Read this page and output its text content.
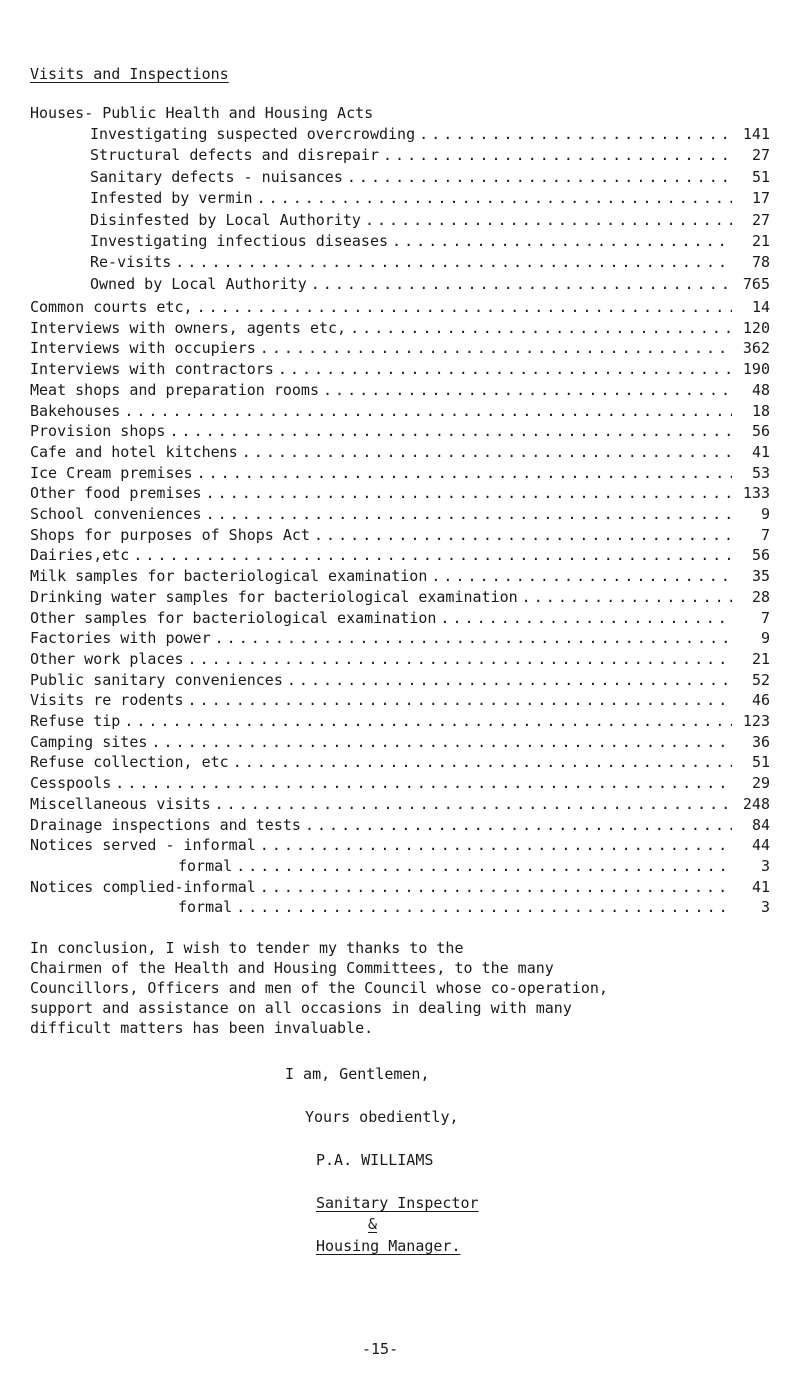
Visits and Inspections
Houses- Public Health and Housing Acts
Investigating suspected overcrowding . . .	141
Structural defects and disrepair . . .	27
Sanitary defects - nuisances . . .	51
Infested by vermin . . .	17
Disinfested by Local Authority . . .	27
Investigating infectious diseases . . .	21
Re-visits . . .	78
Owned by Local Authority . . .	765
Common courts etc, . . .	14
Interviews with owners, agents etc, . . .	120
Interviews with occupiers . . .	362
Interviews with contractors . . .	190
Meat shops and preparation rooms . . .	48
Bakehouses . . .	18
Provision shops . . .	56
Cafe and hotel kitchens . . .	41
Ice Cream premises . . .	53
Other food premises . . .	133
School conveniences . . .	9
Shops for purposes of Shops Act . . .	7
Dairies,etc . . .	56
Milk samples for bacteriological examination . . .	35
Drinking water samples for bacteriological examination . . .	28
Other samples for bacteriological examination . . .	7
Factories with power . . .	9
Other work places . . .	21
Public sanitary conveniences . . .	52
Visits re rodents . . .	46
Refuse tip . . .	123
Camping sites . . .	36
Refuse collection, etc . . .	51
Cesspools . . .	29
Miscellaneous visits . . .	248
Drainage inspections and tests . . .	84
Notices served - informal . . .	44
formal . . .	3
Notices complied-informal . . .	41
formal . . .	3
In conclusion, I wish to tender my thanks to the
Chairmen of the Health and Housing Committees, to the many
Councillors, Officers and men of the Council whose co-operation,
support and assistance on all occasions in dealing with many
difficult matters has been invaluable.
I am, Gentlemen,
Yours obediently,
P.A. WILLIAMS
Sanitary Inspector
&
Housing Manager.
-15-
